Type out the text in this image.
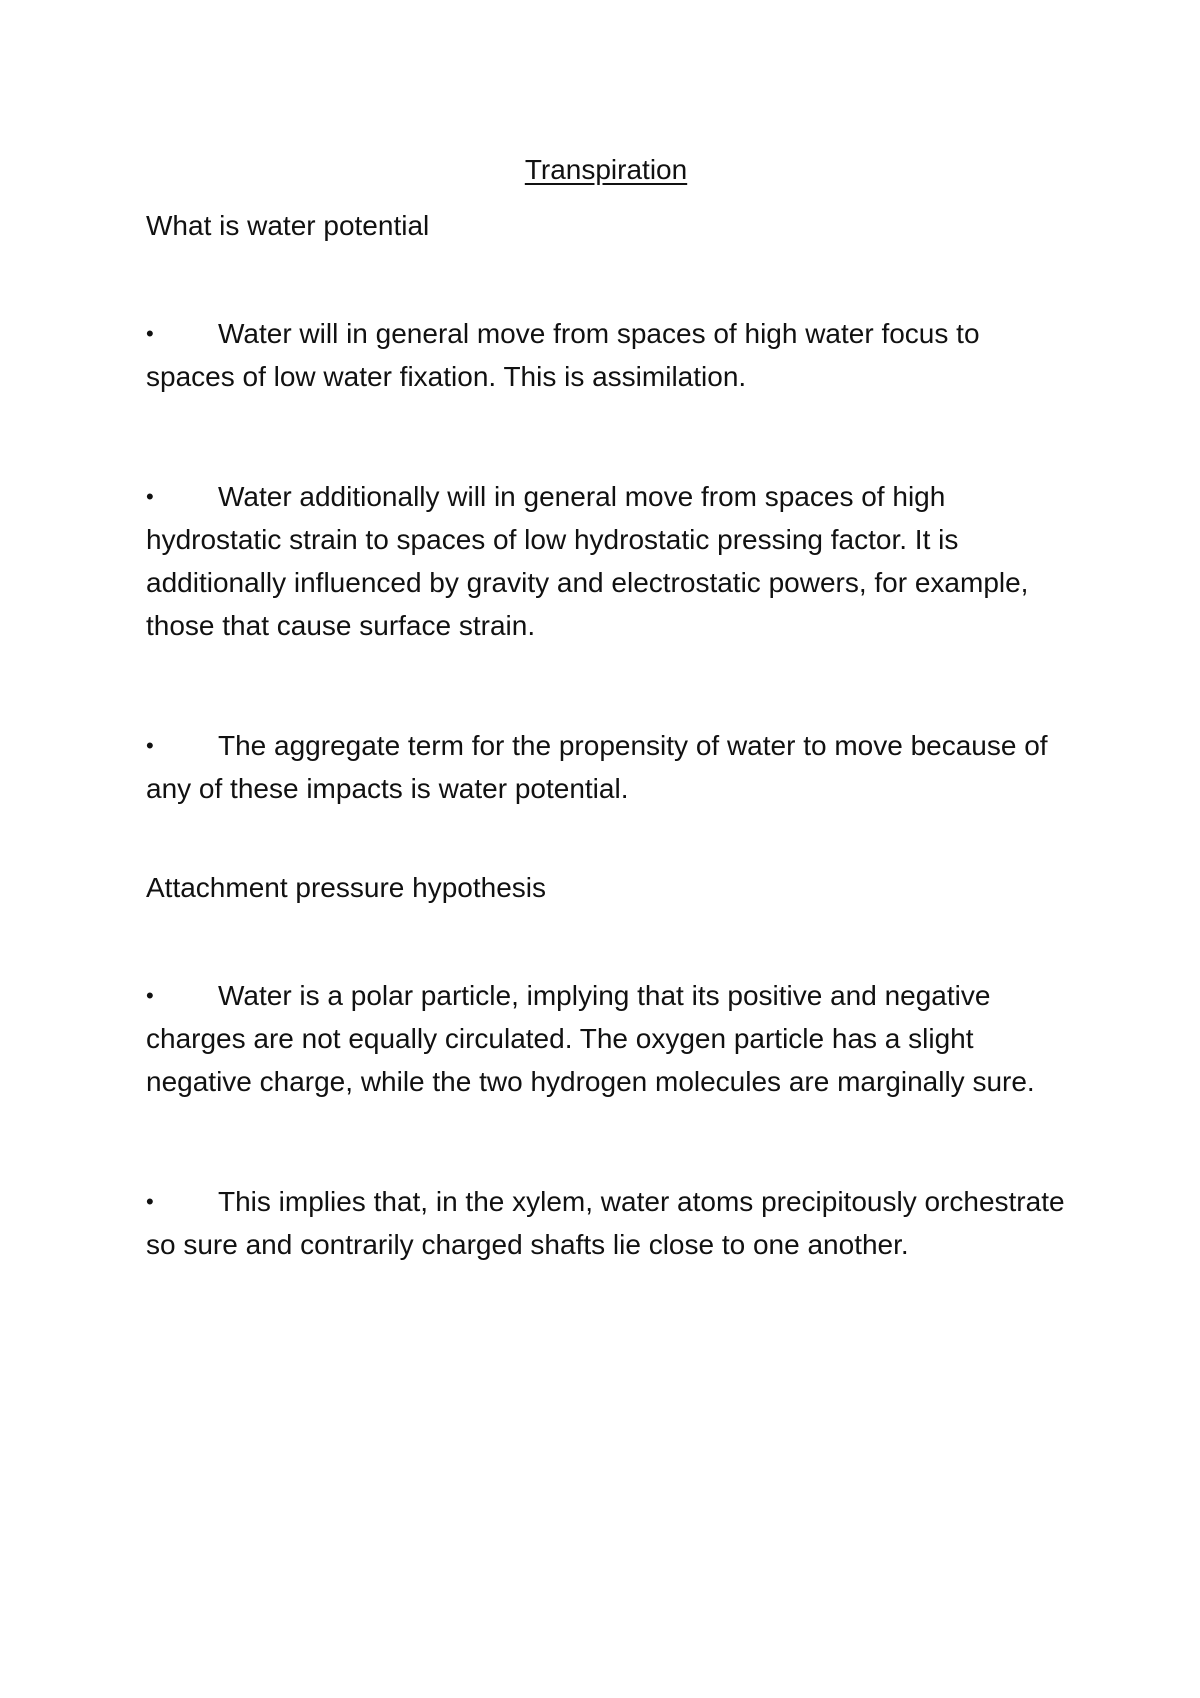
Transpiration
What is water potential

• Water will in general move from spaces of high water focus to spaces of low water fixation. This is assimilation.

• Water additionally will in general move from spaces of high hydrostatic strain to spaces of low hydrostatic pressing factor. It is additionally influenced by gravity and electrostatic powers, for example, those that cause surface strain.

• The aggregate term for the propensity of water to move because of any of these impacts is water potential.

Attachment pressure hypothesis

• Water is a polar particle, implying that its positive and negative charges are not equally circulated. The oxygen particle has a slight negative charge, while the two hydrogen molecules are marginally sure.

• This implies that, in the xylem, water atoms precipitously orchestrate so sure and contrarily charged shafts lie close to one another.
